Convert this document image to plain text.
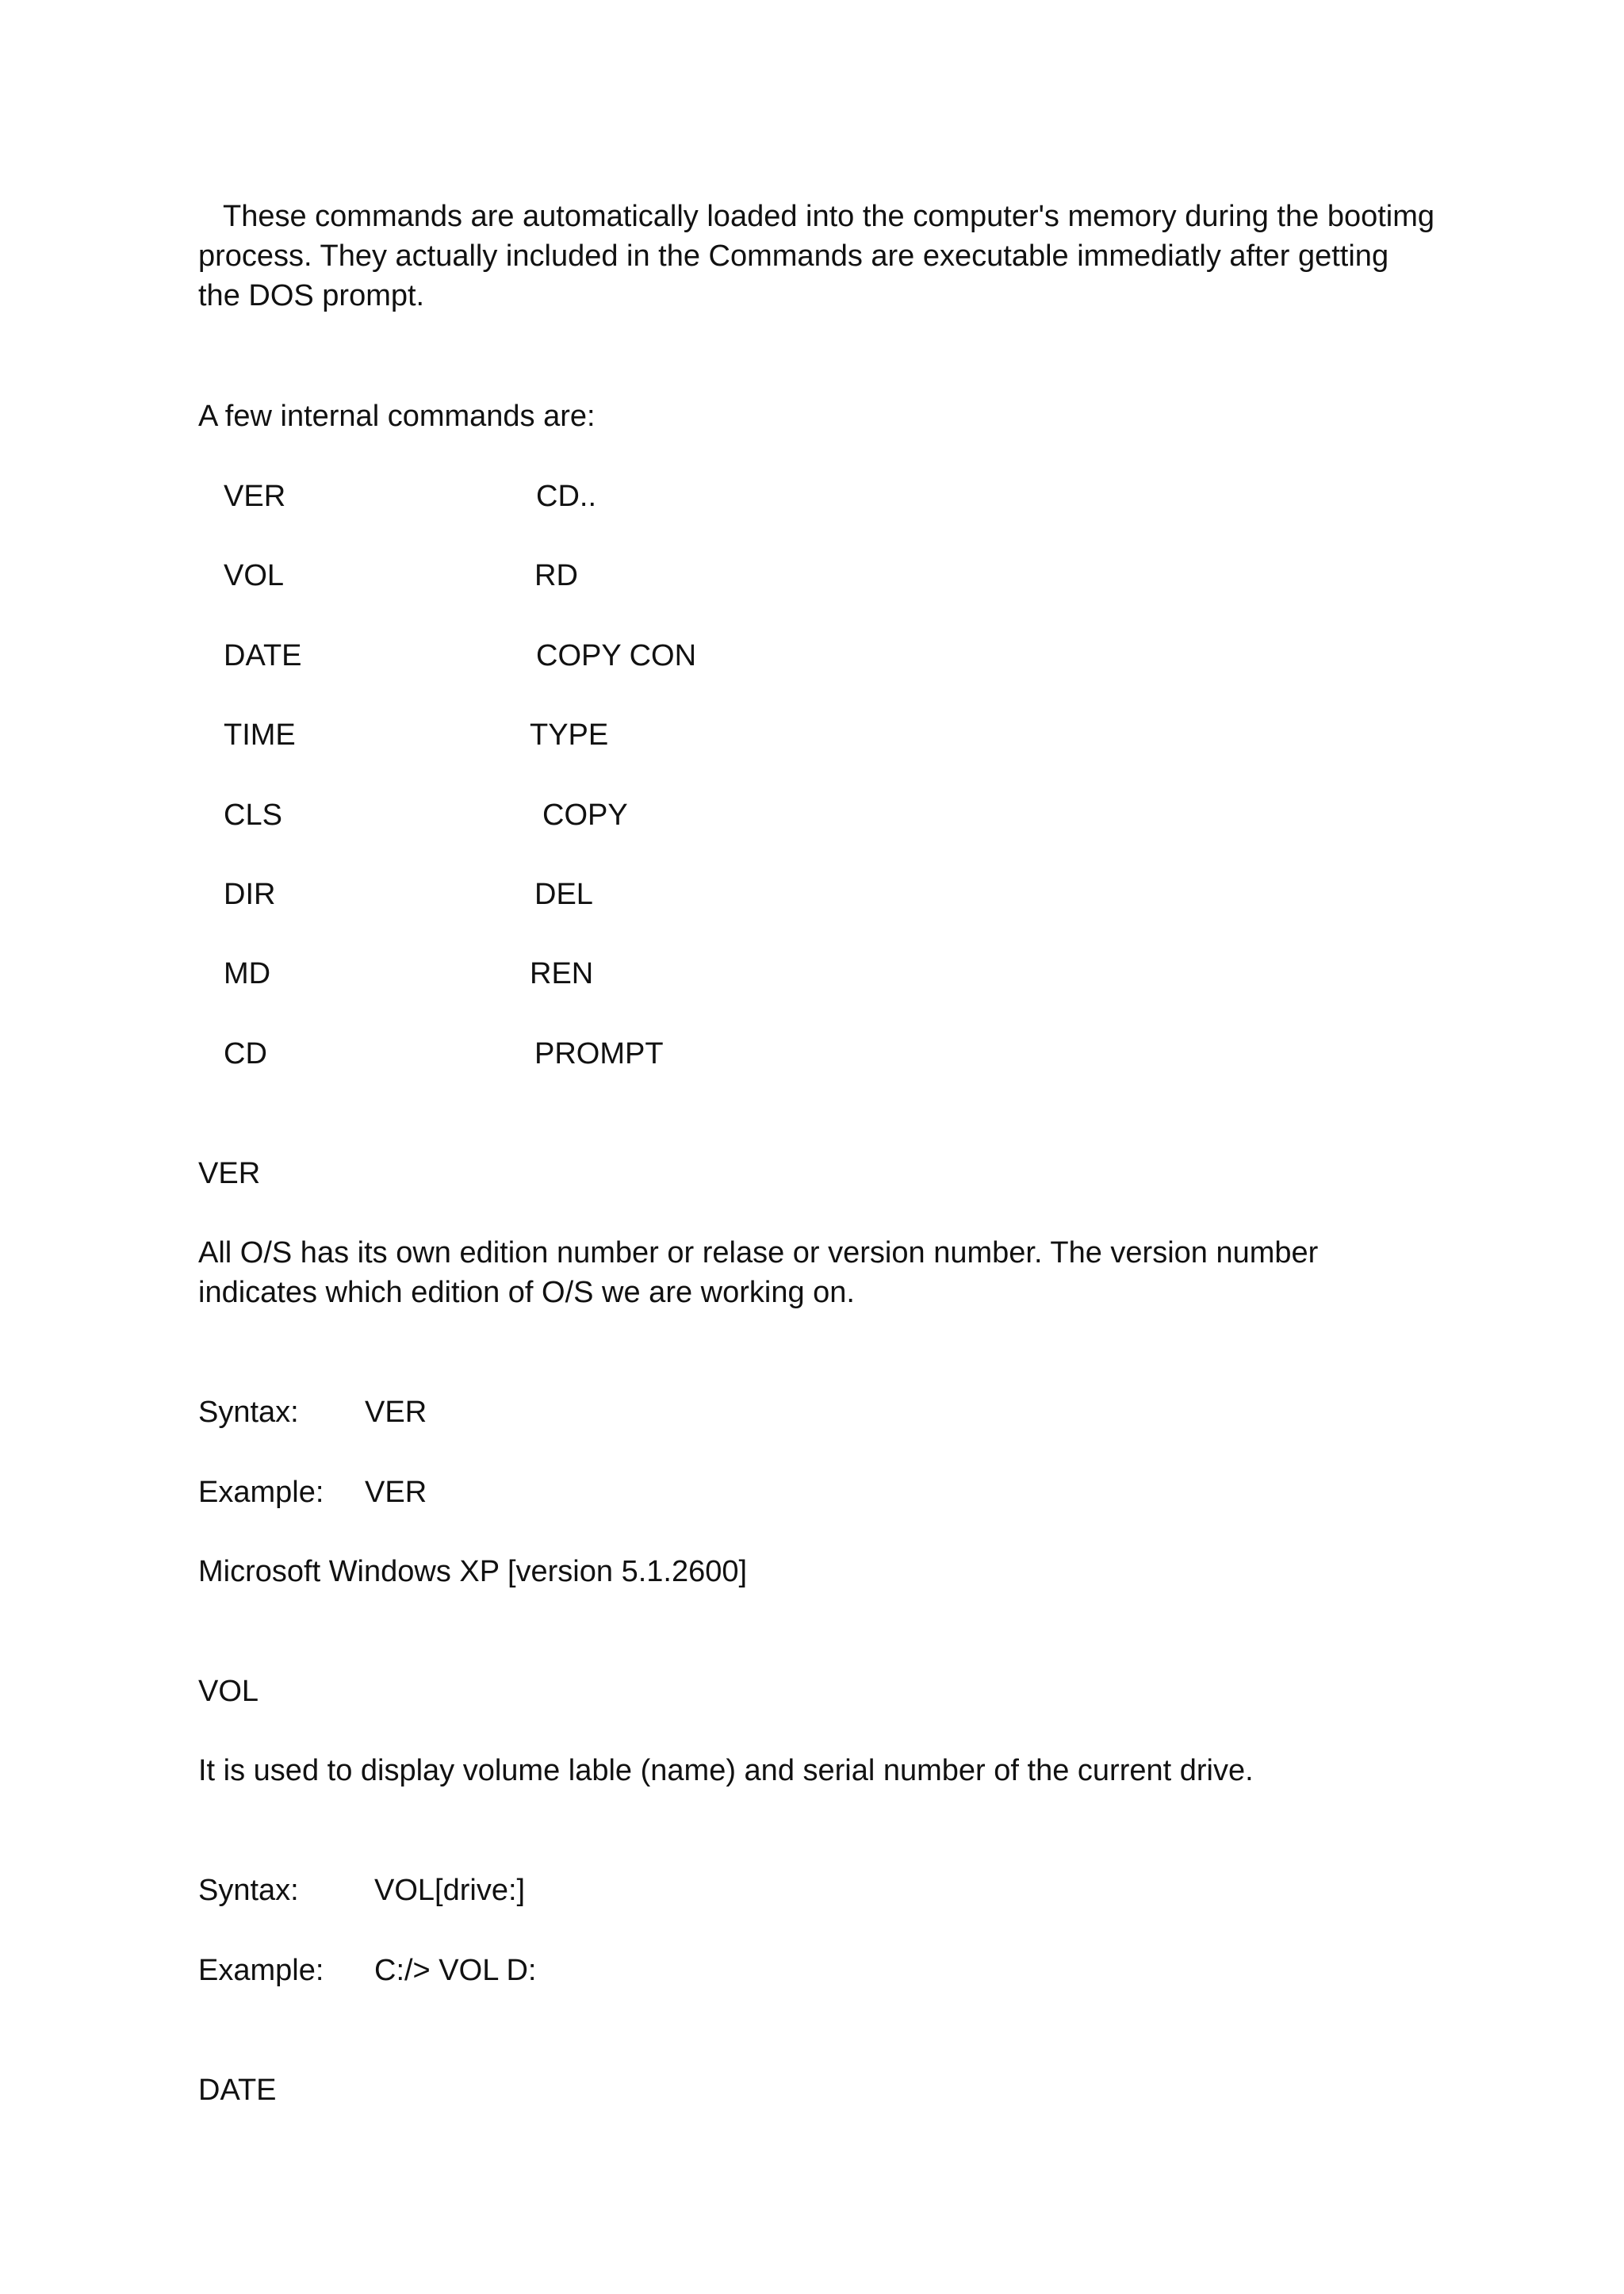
These commands are automatically loaded into the computer's memory during the bootimg
process. They actually included in the Commands are executable immediatly after getting
the DOS prompt.
A few internal commands are:
VER	CD..
VOL	RD
DATE	COPY CON
TIME	TYPE
CLS	COPY
DIR	DEL
MD	REN
CD	PROMPT
VER
All O/S has its own edition number or relase or version number. The version number
indicates which edition of O/S we are working on.
Syntax: VER
Example: VER
Microsoft Windows XP [version 5.1.2600]
VOL
It is used to display volume lable (name) and serial number of the current drive.
Syntax:	VOL[drive:]
Example: C:/> VOL D:
DATE
